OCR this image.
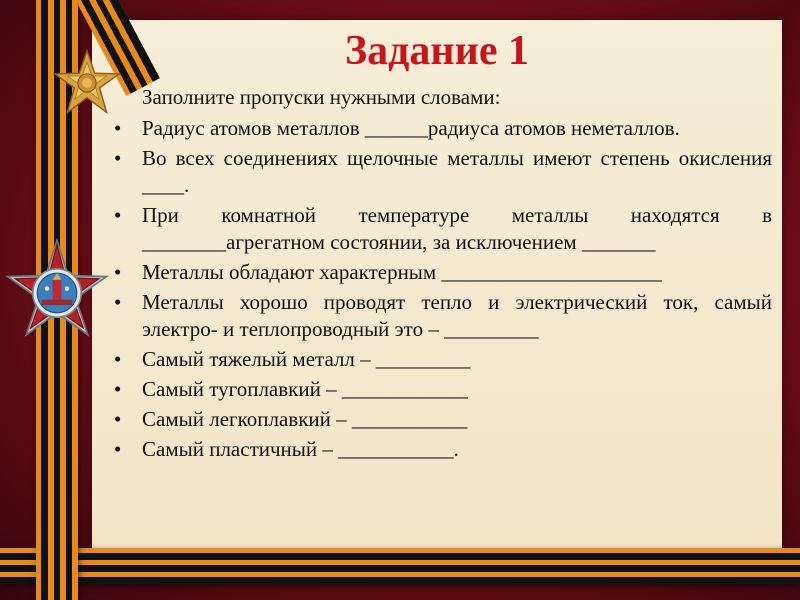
Задание 1

Заполните пропуски нужными словами:

• Радиус атомов металлов ______радиуса атомов неметаллов.
• Во всех соединениях щелочные металлы имеют степень окисления ____.
• При комнатной температуре металлы находятся в ________агрегатном состоянии, за исключением _______
• Металлы обладают характерным _____________________
• Металлы хорошо проводят тепло и электрический ток, самый электро- и теплопроводный это – _________
• Самый тяжелый металл – _________
• Самый тугоплавкий – ____________
• Самый легкоплавкий – ___________
• Самый пластичный – ___________.
